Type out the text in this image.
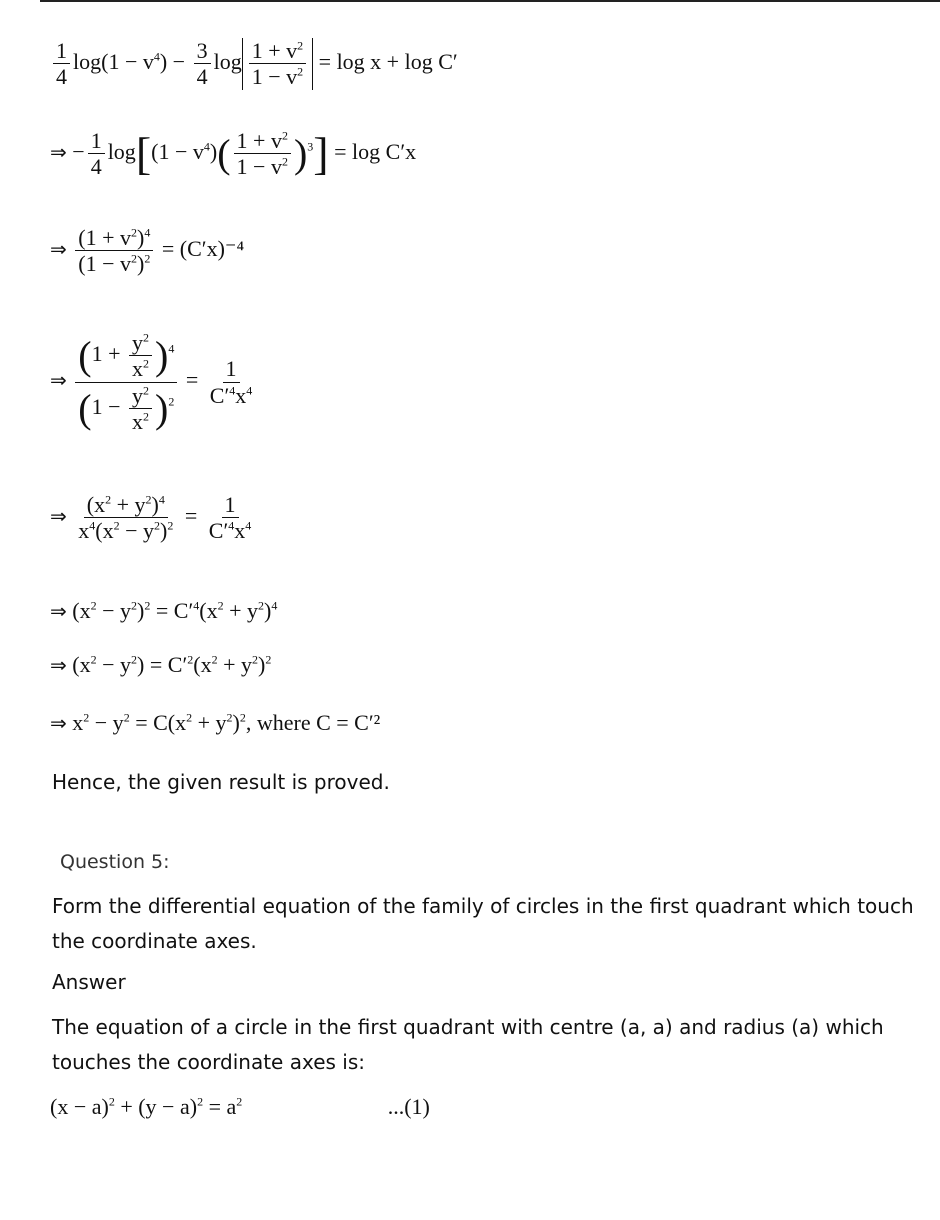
$\frac{1}{4} \log(1 - v^4) - \frac{3}{4}$ $\log \frac{1 + v^2}{1 - v^2} = \log x + \log C'$
⇒ − $\frac{1}{4} \log[(1 - v^4)( \frac{1 + v^2}{1 - v^2} )^3] = \log C'x$
⇒ $\frac{(1 + v^2)^4}{(1 - v^2)^2} = (C'x)^{-4}$
⇒ $\frac{(1 + \frac{y^2}{x^2} )^4}{(1 - \frac{y^2}{x^2} )^2} = \frac{1}{C'^4x^4}$
⇒ $\frac{(x^2 + y^2)^4}{x^4(x^2 - y^2)^2} = \frac{1}{C'^4x^4}$
⇒ $(x^2 - y^2)^2 = C'^4(x^2 + y^2)^4$
⇒ $(x^2 - y^2) = C'^2(x^2 + y^2)^2$
⇒ $x^2 - y^2 = C(x^2 + y^2)^2$, where C = C′²
Hence, the given result is proved.
Question 5:
Form the differential equation of the family of circles in the first quadrant which touch the coordinate axes.
Answer
The equation of a circle in the first quadrant with centre (a, a) and radius (a) which touches the coordinate axes is:
$(x - a)^2 + (y - a)^2 = a^2$	...(1)
